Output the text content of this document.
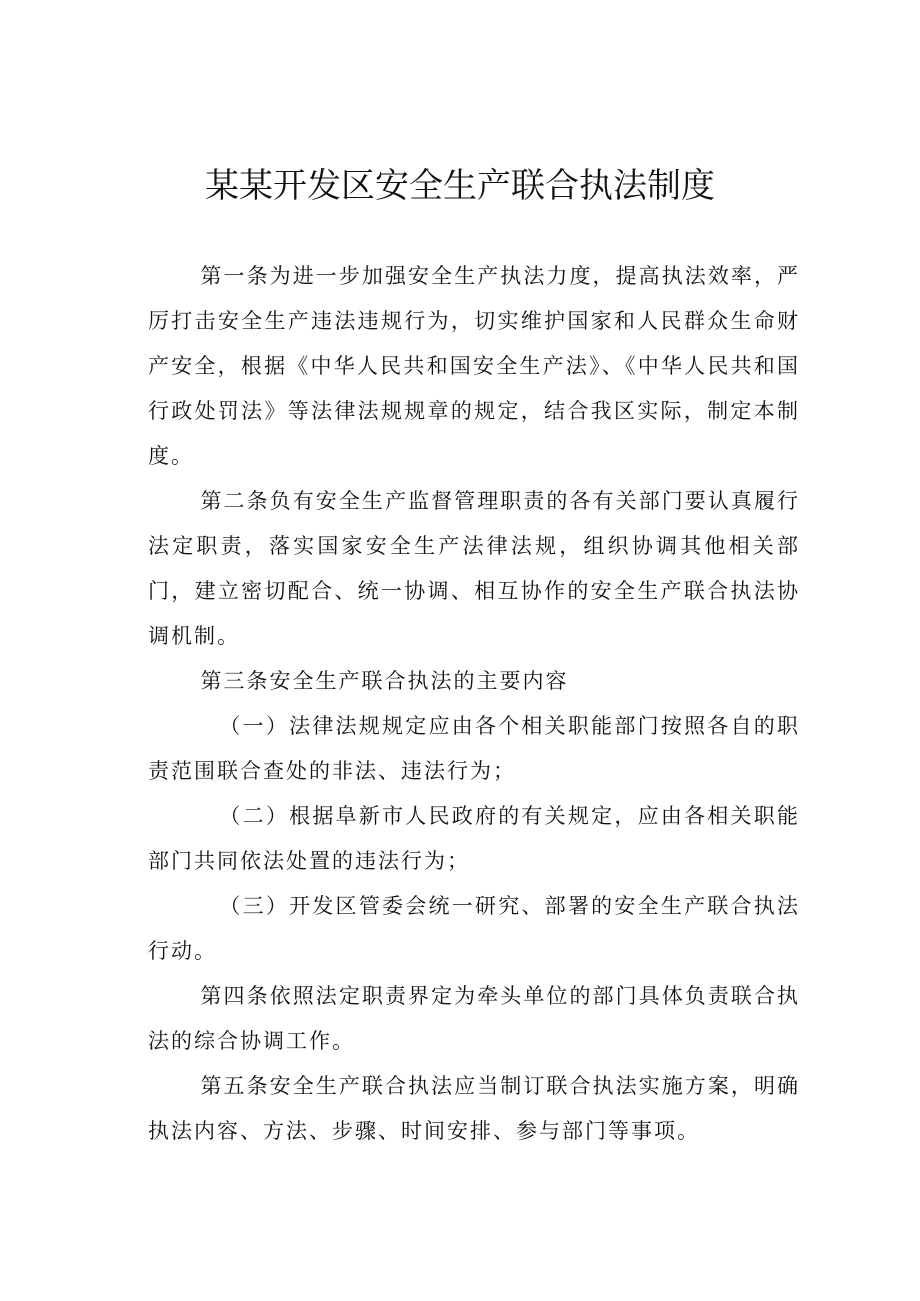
某某开发区安全生产联合执法制度

第一条为进一步加强安全生产执法力度，提高执法效率，严厉打击安全生产违法违规行为，切实维护国家和人民群众生命财产安全，根据《中华人民共和国安全生产法》、《中华人民共和国行政处罚法》等法律法规规章的规定，结合我区实际，制定本制度。

第二条负有安全生产监督管理职责的各有关部门要认真履行法定职责，落实国家安全生产法律法规，组织协调其他相关部门，建立密切配合、统一协调、相互协作的安全生产联合执法协调机制。

第三条安全生产联合执法的主要内容

（一）法律法规规定应由各个相关职能部门按照各自的职责范围联合查处的非法、违法行为；

（二）根据阜新市人民政府的有关规定，应由各相关职能部门共同依法处置的违法行为；

（三）开发区管委会统一研究、部署的安全生产联合执法行动。

第四条依照法定职责界定为牵头单位的部门具体负责联合执法的综合协调工作。

第五条安全生产联合执法应当制订联合执法实施方案，明确执法内容、方法、步骤、时间安排、参与部门等事项。
